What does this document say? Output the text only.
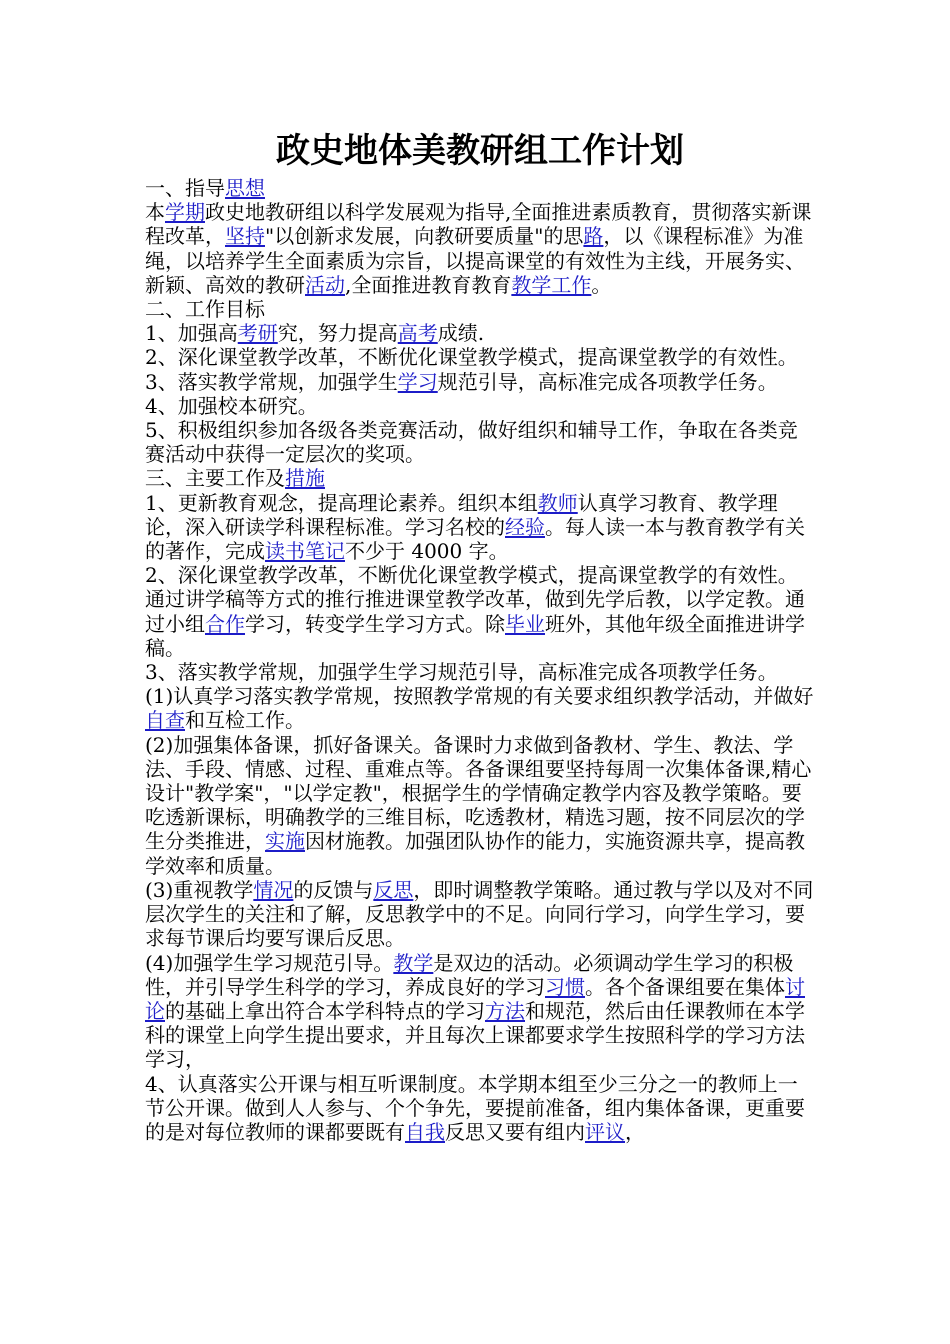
政史地体美教研组工作计划
一、指导思想
本学期政史地教研组以科学发展观为指导,全面推进素质教育，贯彻落实新课程改革，坚持"以创新求发展，向教研要质量"的思路，以《课程标准》为准绳，以培养学生全面素质为宗旨，以提高课堂的有效性为主线，开展务实、新颖、高效的教研活动,全面推进教育教育教学工作。
二、工作目标
1、加强高考研究，努力提高高考成绩.
2、深化课堂教学改革，不断优化课堂教学模式，提高课堂教学的有效性。
3、落实教学常规，加强学生学习规范引导，高标准完成各项教学任务。
4、加强校本研究。
5、积极组织参加各级各类竞赛活动，做好组织和辅导工作，争取在各类竞赛活动中获得一定层次的奖项。
三、主要工作及措施
1、更新教育观念，提高理论素养。组织本组教师认真学习教育、教学理论，深入研读学科课程标准。学习名校的经验。每人读一本与教育教学有关的著作，完成读书笔记不少于 4000 字。
2、深化课堂教学改革，不断优化课堂教学模式，提高课堂教学的有效性。通过讲学稿等方式的推行推进课堂教学改革，做到先学后教，以学定教。通过小组合作学习，转变学生学习方式。除毕业班外，其他年级全面推进讲学稿。
3、落实教学常规，加强学生学习规范引导，高标准完成各项教学任务。
(1)认真学习落实教学常规，按照教学常规的有关要求组织教学活动，并做好自查和互检工作。
(2)加强集体备课，抓好备课关。备课时力求做到备教材、学生、教法、学法、手段、情感、过程、重难点等。各备课组要坚持每周一次集体备课,精心设计"教学案"，"以学定教"，根据学生的学情确定教学内容及教学策略。要吃透新课标，明确教学的三维目标，吃透教材，精选习题，按不同层次的学生分类推进，实施因材施教。加强团队协作的能力，实施资源共享，提高教学效率和质量。
(3)重视教学情况的反馈与反思，即时调整教学策略。通过教与学以及对不同层次学生的关注和了解，反思教学中的不足。向同行学习，向学生学习，要求每节课后均要写课后反思。
(4)加强学生学习规范引导。教学是双边的活动。必须调动学生学习的积极性，并引导学生科学的学习，养成良好的学习习惯。各个备课组要在集体讨论的基础上拿出符合本学科特点的学习方法和规范，然后由任课教师在本学科的课堂上向学生提出要求，并且每次上课都要求学生按照科学的学习方法学习，
4、认真落实公开课与相互听课制度。本学期本组至少三分之一的教师上一节公开课。做到人人参与、个个争先，要提前准备，组内集体备课，更重要的是对每位教师的课都要既有自我反思又要有组内评议，
